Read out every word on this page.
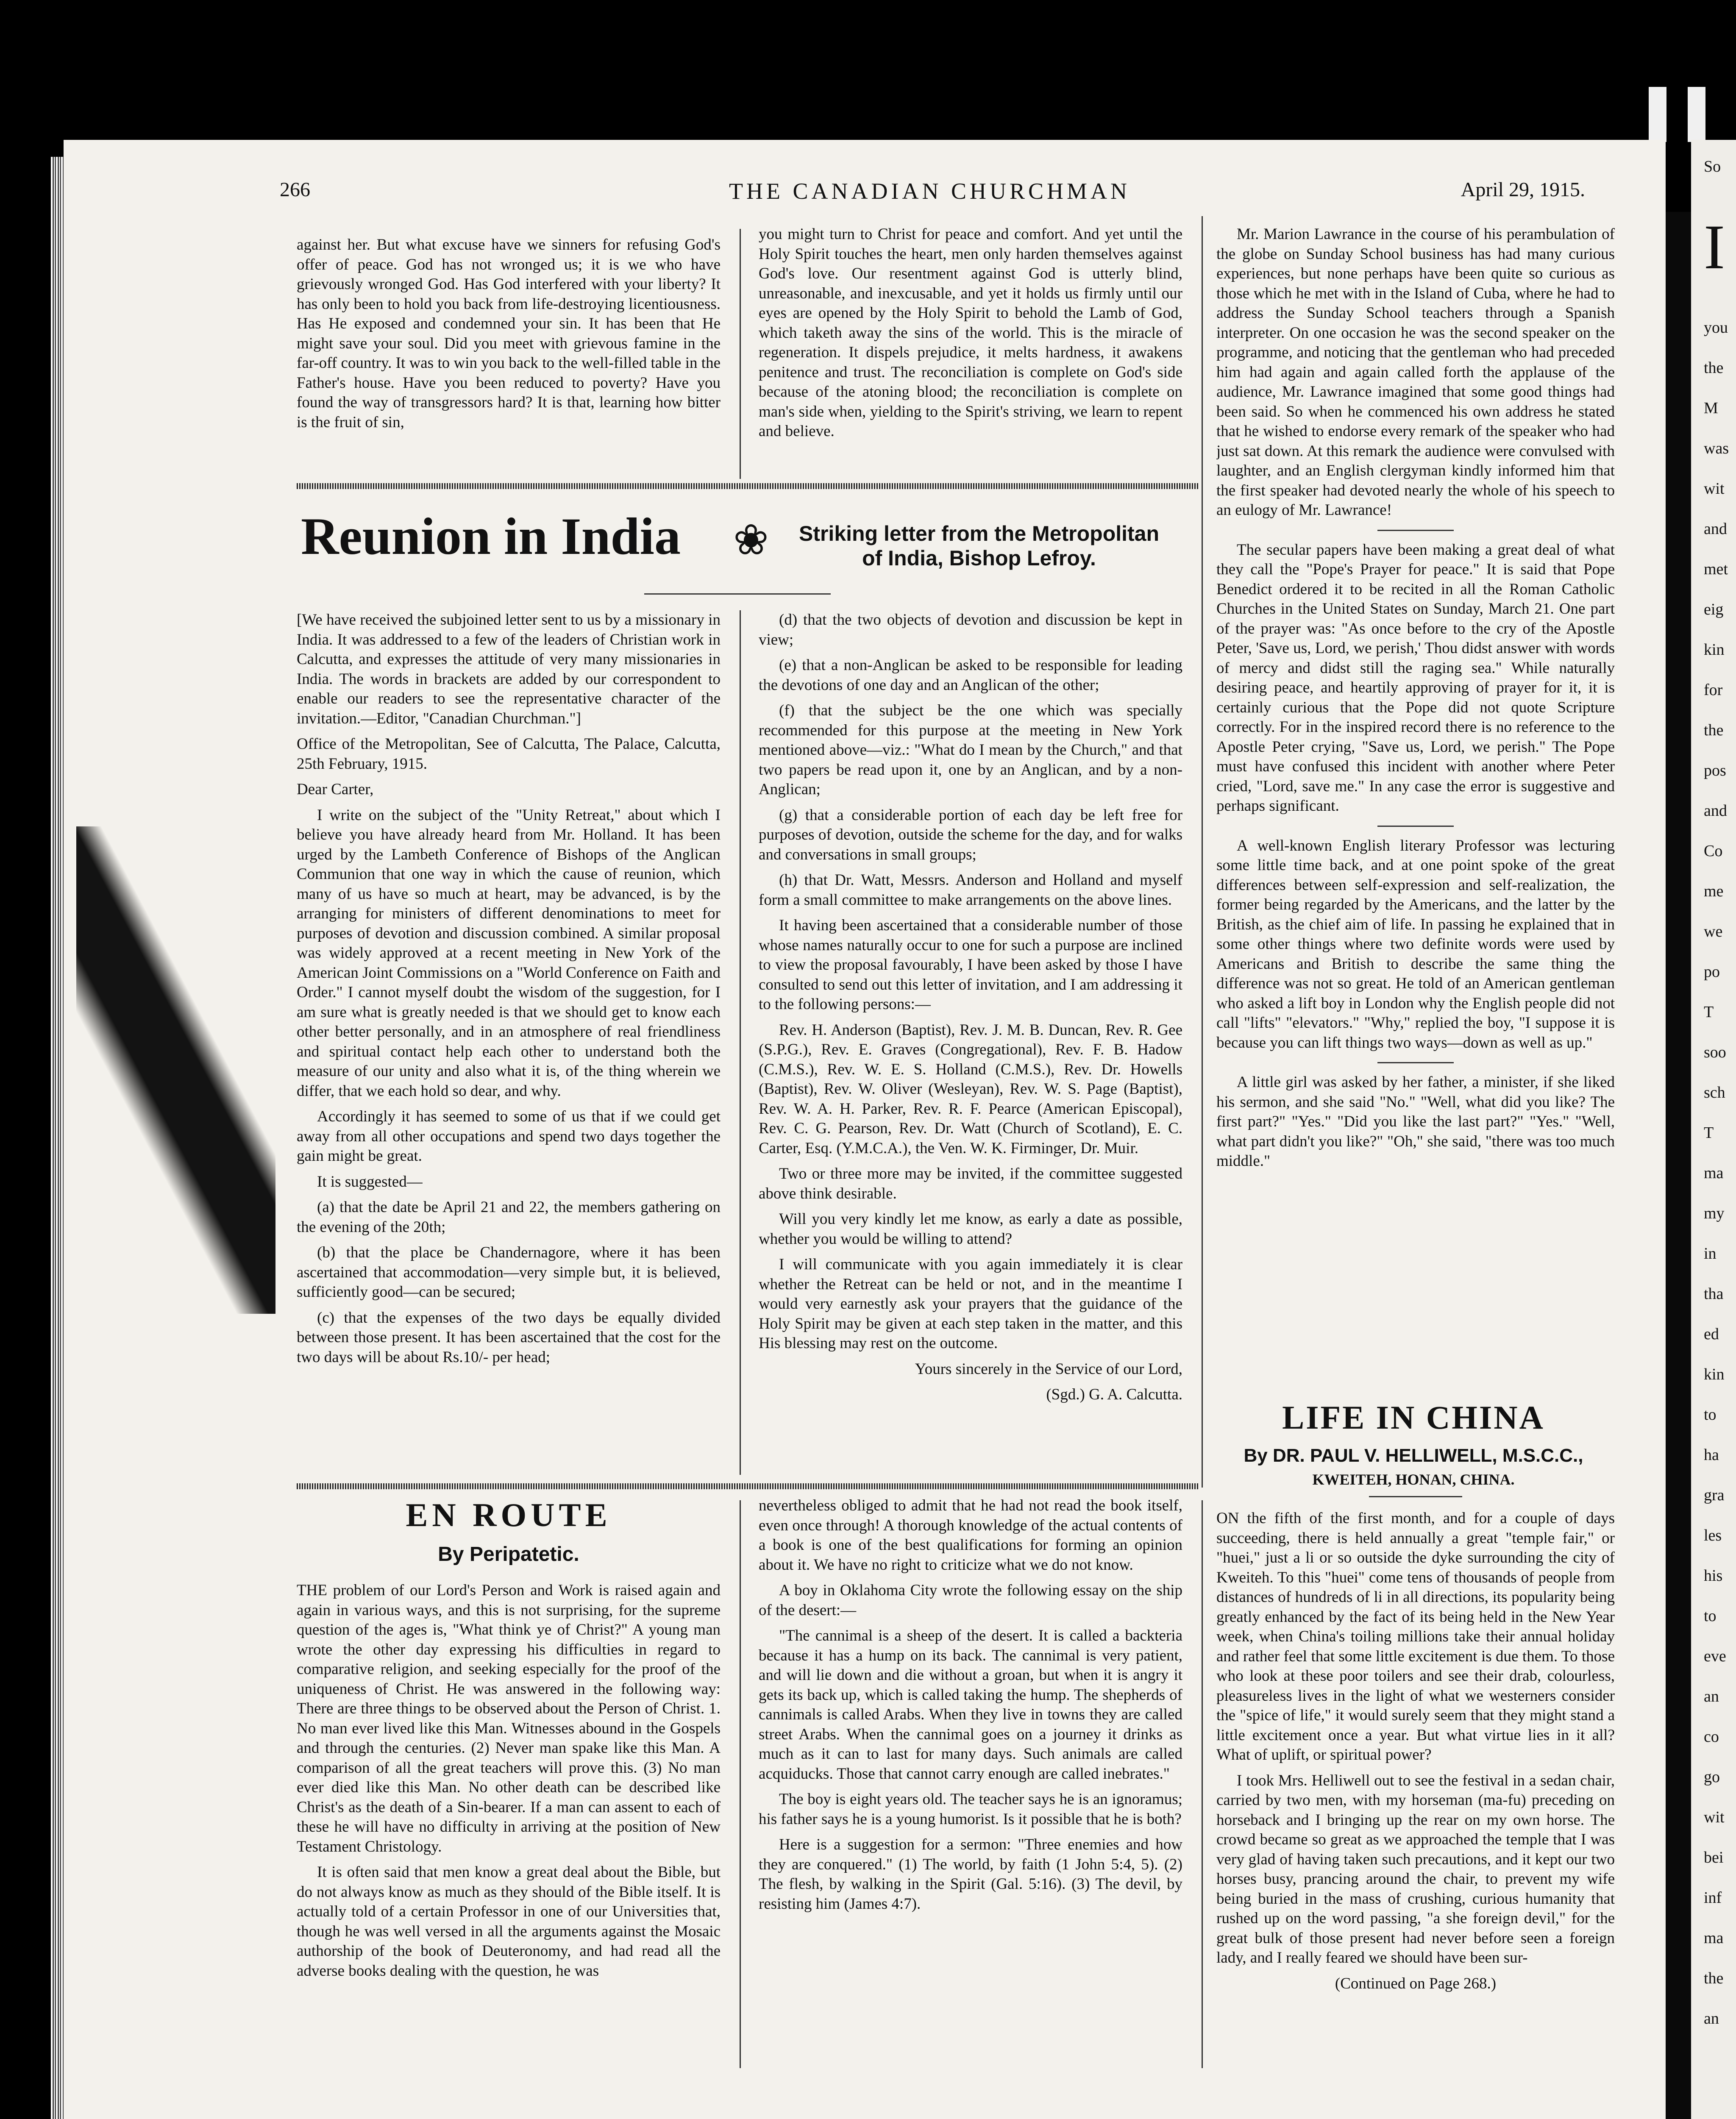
So
I
you
the
M
was
wit
and
met
eig
kin
for
the
pos
and
Co
me
we
po
T
soo
sch
T
ma
my
in
tha
ed
kin
to
ha
gra
les
his
to
eve
an
co
go
wit
bei
inf
ma
the
an
266	THE CANADIAN CHURCHMAN	April 29, 1915.

against her. But what excuse have we sinners for refusing God's offer of peace. God has not wronged us; it is we who have grievously wronged God. Has God interfered with your liberty? It has only been to hold you back from life-destroying licentiousness. Has He exposed and condemned your sin. It has been that He might save your soul. Did you meet with grievous famine in the far-off country. It was to win you back to the well-filled table in the Father's house. Have you been reduced to poverty? Have you found the way of transgressors hard? It is that, learning how bitter is the fruit of sin,

you might turn to Christ for peace and comfort. And yet until the Holy Spirit touches the heart, men only harden themselves against God's love. Our resentment against God is utterly blind, unreasonable, and inexcusable, and yet it holds us firmly until our eyes are opened by the Holy Spirit to behold the Lamb of God, which taketh away the sins of the world. This is the miracle of regeneration. It dispels prejudice, it melts hardness, it awakens penitence and trust. The reconciliation is complete on God's side because of the atoning blood; the reconciliation is complete on man's side when, yielding to the Spirit's striving, we learn to repent and believe.

Mr. Marion Lawrance in the course of his perambulation of the globe on Sunday School business has had many curious experiences, but none perhaps have been quite so curious as those which he met with in the Island of Cuba, where he had to address the Sunday School teachers through a Spanish interpreter. On one occasion he was the second speaker on the programme, and noticing that the gentleman who had preceded him had again and again called forth the applause of the audience, Mr. Lawrance imagined that some good things had been said. So when he commenced his own address he stated that he wished to endorse every remark of the speaker who had just sat down. At this remark the audience were convulsed with laughter, and an English clergyman kindly informed him that the first speaker had devoted nearly the whole of his speech to an eulogy of Mr. Lawrance!

The secular papers have been making a great deal of what they call the "Pope's Prayer for peace." It is said that Pope Benedict ordered it to be recited in all the Roman Catholic Churches in the United States on Sunday, March 21. One part of the prayer was: "As once before to the cry of the Apostle Peter, 'Save us, Lord, we perish,' Thou didst answer with words of mercy and didst still the raging sea." While naturally desiring peace, and heartily approving of prayer for it, it is certainly curious that the Pope did not quote Scripture correctly. For in the inspired record there is no reference to the Apostle Peter crying, "Save us, Lord, we perish." The Pope must have confused this incident with another where Peter cried, "Lord, save me." In any case the error is suggestive and perhaps significant.

A well-known English literary Professor was lecturing some little time back, and at one point spoke of the great differences between self-expression and self-realization, the former being regarded by the Americans, and the latter by the British, as the chief aim of life. In passing he explained that in some other things where two definite words were used by Americans and British to describe the same thing the difference was not so great. He told of an American gentleman who asked a lift boy in London why the English people did not call "lifts" "elevators." "Why," replied the boy, "I suppose it is because you can lift things two ways—down as well as up."

A little girl was asked by her father, a minister, if she liked his sermon, and she said "No." "Well, what did you like? The first part?" "Yes." "Did you like the last part?" "Yes." "Well, what part didn't you like?" "Oh," she said, "there was too much middle."

Reunion in India ❀	Striking letter from the Metropolitan of India, Bishop Lefroy.

[We have received the subjoined letter sent to us by a missionary in India. It was addressed to a few of the leaders of Christian work in Calcutta, and expresses the attitude of very many missionaries in India. The words in brackets are added by our correspondent to enable our readers to see the representative character of the invitation.—Editor, "Canadian Churchman."]

Office of the Metropolitan, See of Calcutta, The Palace, Calcutta, 25th February, 1915.

Dear Carter,

I write on the subject of the "Unity Retreat," about which I believe you have already heard from Mr. Holland. It has been urged by the Lambeth Conference of Bishops of the Anglican Communion that one way in which the cause of reunion, which many of us have so much at heart, may be advanced, is by the arranging for ministers of different denominations to meet for purposes of devotion and discussion combined. A similar proposal was widely approved at a recent meeting in New York of the American Joint Commissions on a "World Conference on Faith and Order." I cannot myself doubt the wisdom of the suggestion, for I am sure what is greatly needed is that we should get to know each other better personally, and in an atmosphere of real friendliness and spiritual contact help each other to understand both the measure of our unity and also what it is, of the thing wherein we differ, that we each hold so dear, and why.

Accordingly it has seemed to some of us that if we could get away from all other occupations and spend two days together the gain might be great.

It is suggested—

(a) that the date be April 21 and 22, the members gathering on the evening of the 20th;

(b) that the place be Chandernagore, where it has been ascertained that accommodation—very simple but, it is believed, sufficiently good—can be secured;

(c) that the expenses of the two days be equally divided between those present. It has been ascertained that the cost for the two days will be about Rs.10/- per head;

(d) that the two objects of devotion and discussion be kept in view;

(e) that a non-Anglican be asked to be responsible for leading the devotions of one day and an Anglican of the other;

(f) that the subject be the one which was specially recommended for this purpose at the meeting in New York mentioned above—viz.: "What do I mean by the Church," and that two papers be read upon it, one by an Anglican, and by a non-Anglican;

(g) that a considerable portion of each day be left free for purposes of devotion, outside the scheme for the day, and for walks and conversations in small groups;

(h) that Dr. Watt, Messrs. Anderson and Holland and myself form a small committee to make arrangements on the above lines.

It having been ascertained that a considerable number of those whose names naturally occur to one for such a purpose are inclined to view the proposal favourably, I have been asked by those I have consulted to send out this letter of invitation, and I am addressing it to the following persons:—

Rev. H. Anderson (Baptist), Rev. J. M. B. Duncan, Rev. R. Gee (S.P.G.), Rev. E. Graves (Congregational), Rev. F. B. Hadow (C.M.S.), Rev. W. E. S. Holland (C.M.S.), Rev. Dr. Howells (Baptist), Rev. W. Oliver (Wesleyan), Rev. W. S. Page (Baptist), Rev. W. A. H. Parker, Rev. R. F. Pearce (American Episcopal), Rev. C. G. Pearson, Rev. Dr. Watt (Church of Scotland), E. C. Carter, Esq. (Y.M.C.A.), the Ven. W. K. Firminger, Dr. Muir.

Two or three more may be invited, if the committee suggested above think desirable.

Will you very kindly let me know, as early a date as possible, whether you would be willing to attend?

I will communicate with you again immediately it is clear whether the Retreat can be held or not, and in the meantime I would very earnestly ask your prayers that the guidance of the Holy Spirit may be given at each step taken in the matter, and this His blessing may rest on the outcome.

Yours sincerely in the Service of our Lord,

(Sgd.) G. A. Calcutta.

LIFE IN CHINA
By DR. PAUL V. HELLIWELL, M.S.C.C.,
KWEITEH, HONAN, CHINA.

ON the fifth of the first month, and for a couple of days succeeding, there is held annually a great "temple fair," or "huei," just a li or so outside the dyke surrounding the city of Kweiteh. To this "huei" come tens of thousands of people from distances of hundreds of li in all directions, its popularity being greatly enhanced by the fact of its being held in the New Year week, when China's toiling millions take their annual holiday and rather feel that some little excitement is due them. To those who look at these poor toilers and see their drab, colourless, pleasureless lives in the light of what we westerners consider the "spice of life," it would surely seem that they might stand a little excitement once a year. But what virtue lies in it all? What of uplift, or spiritual power?

I took Mrs. Helliwell out to see the festival in a sedan chair, carried by two men, with my horseman (ma-fu) preceding on horseback and I bringing up the rear on my own horse. The crowd became so great as we approached the temple that I was very glad of having taken such precautions, and it kept our two horses busy, prancing around the chair, to prevent my wife being buried in the mass of crushing, curious humanity that rushed up on the word passing, "a she foreign devil," for the great bulk of those present had never before seen a foreign lady, and I really feared we should have been sur-

(Continued on Page 268.)

EN ROUTE
By Peripatetic.

THE problem of our Lord's Person and Work is raised again and again in various ways, and this is not surprising, for the supreme question of the ages is, "What think ye of Christ?" A young man wrote the other day expressing his difficulties in regard to comparative religion, and seeking especially for the proof of the uniqueness of Christ. He was answered in the following way: There are three things to be observed about the Person of Christ. 1. No man ever lived like this Man. Witnesses abound in the Gospels and through the centuries. (2) Never man spake like this Man. A comparison of all the great teachers will prove this. (3) No man ever died like this Man. No other death can be described like Christ's as the death of a Sin-bearer. If a man can assent to each of these he will have no difficulty in arriving at the position of New Testament Christology.

It is often said that men know a great deal about the Bible, but do not always know as much as they should of the Bible itself. It is actually told of a certain Professor in one of our Universities that, though he was well versed in all the arguments against the Mosaic authorship of the book of Deuteronomy, and had read all the adverse books dealing with the question, he was

nevertheless obliged to admit that he had not read the book itself, even once through! A thorough knowledge of the actual contents of a book is one of the best qualifications for forming an opinion about it. We have no right to criticize what we do not know.

A boy in Oklahoma City wrote the following essay on the ship of the desert:—

"The cannimal is a sheep of the desert. It is called a backteria because it has a hump on its back. The cannimal is very patient, and will lie down and die without a groan, but when it is angry it gets its back up, which is called taking the hump. The shepherds of cannimals is called Arabs. When they live in towns they are called street Arabs. When the cannimal goes on a journey it drinks as much as it can to last for many days. Such animals are called acquiducks. Those that cannot carry enough are called inebrates."

The boy is eight years old. The teacher says he is an ignoramus; his father says he is a young humorist. Is it possible that he is both?

Here is a suggestion for a sermon: "Three enemies and how they are conquered." (1) The world, by faith (1 John 5:4, 5). (2) The flesh, by walking in the Spirit (Gal. 5:16). (3) The devil, by resisting him (James 4:7).
